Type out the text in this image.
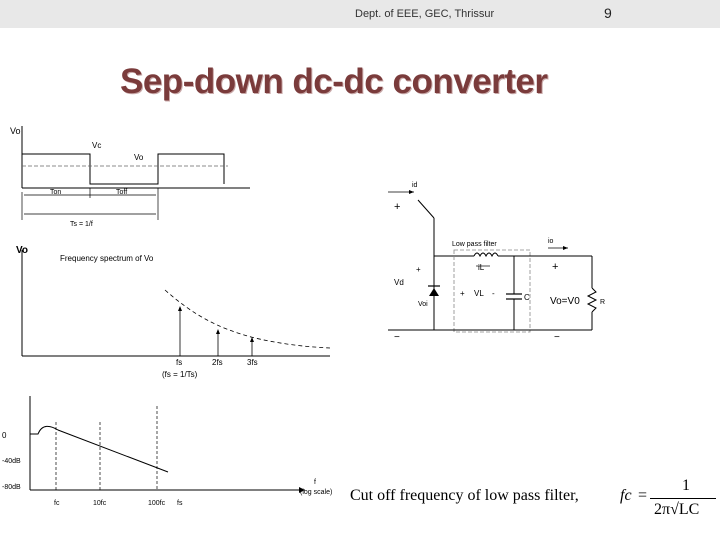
Dept. of EEE, GEC, Thrissur	9
Sep-down dc-dc converter
Vo
Vc
Vo
Ton	Toff
Ts = 1/f
Vo
Frequency spectrum of Vo
fs	2fs	3fs
(fs = 1/Ts)
0
-40dB
-80dB
fc	10fc	100fc fs
f
(log scale)
id
+
Low pass filter
iL
C
R
io
+
Vd
+
+ VL -
Voi	Vo=V0
−	−
Cut off frequency of low pass filter,	fc =
1
2π√LC
